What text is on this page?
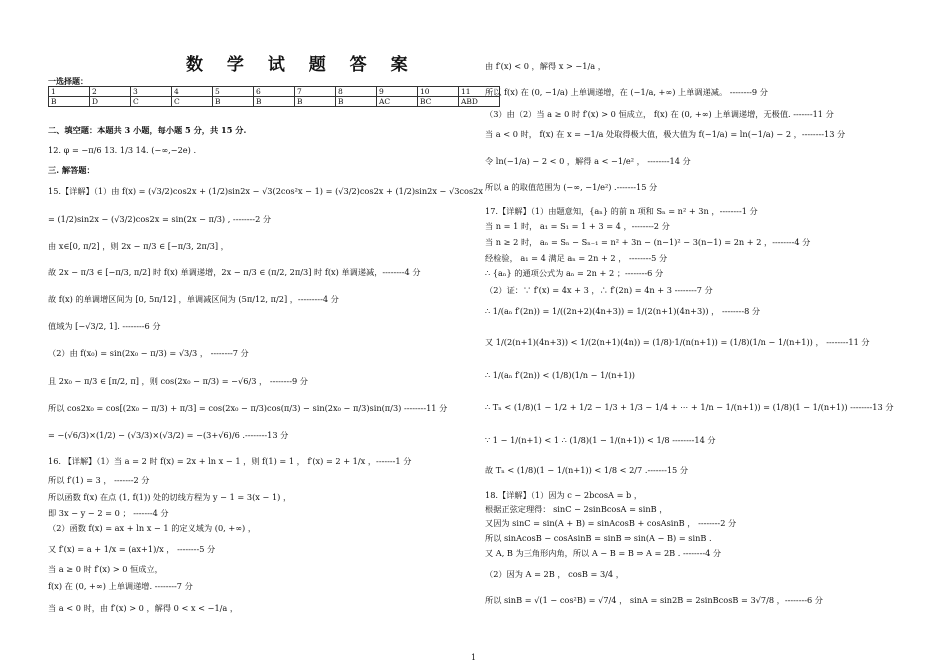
数 学 试 题 答 案
一选择题：
1	2	3	4	5	6	7	8	9	10	11
B	D	C	C	B	B	B	B	AC	BC	ABD
二、填空题：本题共 3 小题，每小题 5 分，共 15 分.
12. φ = −π/6 13. 1/3 14. (−∞,−2e) .
三. 解答题：
15.【详解】（1）由 f(x) = (√3/2)cos2x + (1/2)sin2x − √3(2cos²x − 1) = (√3/2)cos2x + (1/2)sin2x − √3cos2x
= (1/2)sin2x − (√3/2)cos2x = sin(2x − π/3) , --------2 分
由 x∈[0, π/2] ，则 2x − π/3 ∈ [−π/3, 2π/3] ，
故 2x − π/3 ∈ [−π/3, π/2] 时 f(x) 单调递增，2x − π/3 ∈ (π/2, 2π/3] 时 f(x) 单调递减，--------4 分
故 f(x) 的单调增区间为 [0, 5π/12] ，单调减区间为 (5π/12, π/2] ，---------4 分
值域为 [−√3/2, 1]. --------6 分
（2）由 f(x₀) = sin(2x₀ − π/3) = √3/3 ， --------7 分
且 2x₀ − π/3 ∈ [π/2, π] ，则 cos(2x₀ − π/3) = −√6/3 ， --------9 分
所以 cos2x₀ = cos[(2x₀ − π/3) + π/3] = cos(2x₀ − π/3)cos(π/3) − sin(2x₀ − π/3)sin(π/3) --------11 分
= −(√6/3)×(1/2) − (√3/3)×(√3/2) = −(3+√6)/6 .--------13 分
16. 【详解】（1）当 a = 2 时 f(x) = 2x + ln x − 1 ，则 f(1) = 1 ， f′(x) = 2 + 1/x ，-------1 分
所以 f′(1) = 3 ， -------2 分
所以函数 f(x) 在点 (1, f(1)) 处的切线方程为 y − 1 = 3(x − 1) ，
即 3x − y − 2 = 0 ； -------4 分
（2）函数 f(x) = ax + ln x − 1 的定义域为 (0, +∞) ，
又 f′(x) = a + 1/x = (ax+1)/x ， --------5 分
当 a ≥ 0 时 f′(x) > 0 恒成立，
f(x) 在 (0, +∞) 上单调递增. --------7 分
当 a < 0 时，由 f′(x) > 0 ，解得 0 < x < −1/a ，
由 f′(x) < 0 ，解得 x > −1/a ，
所以 f(x) 在 (0, −1/a) 上单调递增，在 (−1/a, +∞) 上单调递减。 --------9 分
（3）由（2）当 a ≥ 0 时 f′(x) > 0 恒成立， f(x) 在 (0, +∞) 上单调递增，无极值. -------11 分
当 a < 0 时， f(x) 在 x = −1/a 处取得极大值，极大值为 f(−1/a) = ln(−1/a) − 2 ，--------13 分
令 ln(−1/a) − 2 < 0 ，解得 a < −1/e² ， --------14 分
所以 a 的取值范围为 (−∞, −1/e²) .-------15 分
17.【详解】（1）由题意知，{aₙ} 的前 n 项和 Sₙ = n² + 3n ，--------1 分
当 n = 1 时， a₁ = S₁ = 1 + 3 = 4 ，--------2 分
当 n ≥ 2 时， aₙ = Sₙ − Sₙ₋₁ = n² + 3n − (n−1)² − 3(n−1) = 2n + 2 ，--------4 分
经检验， a₁ = 4 满足 aₙ = 2n + 2 ， --------5 分
∴ {aₙ} 的通项公式为 aₙ = 2n + 2 ；--------6 分
（2）证：∵ f′(x) = 4x + 3 ，∴ f′(2n) = 4n + 3 --------7 分
∴ 1/(aₙ f′(2n)) = 1/((2n+2)(4n+3)) = 1/(2(n+1)(4n+3)) ， --------8 分
又 1/(2(n+1)(4n+3)) < 1/(2(n+1)(4n)) = (1/8)·1/(n(n+1)) = (1/8)(1/n − 1/(n+1)) ， --------11 分
∴ 1/(aₙ f′(2n)) < (1/8)(1/n − 1/(n+1))
∴ Tₙ < (1/8)(1 − 1/2 + 1/2 − 1/3 + 1/3 − 1/4 + ⋯ + 1/n − 1/(n+1)) = (1/8)(1 − 1/(n+1)) --------13 分
∵ 1 − 1/(n+1) < 1 ∴ (1/8)(1 − 1/(n+1)) < 1/8 --------14 分
故 Tₙ < (1/8)(1 − 1/(n+1)) < 1/8 < 2/7 .-------15 分
18.【详解】（1）因为 c − 2bcosA = b ，
根据正弦定理得： sinC − 2sinBcosA = sinB ，
又因为 sinC = sin(A + B) = sinAcosB + cosAsinB ， --------2 分
所以 sinAcosB − cosAsinB = sinB ⇒ sin(A − B) = sinB .
又 A, B 为三角形内角，所以 A − B = B ⇒ A = 2B . --------4 分
（2）因为 A = 2B ， cosB = 3/4 ，
所以 sinB = √(1 − cos²B) = √7/4 ， sinA = sin2B = 2sinBcosB = 3√7/8 ，--------6 分
1
